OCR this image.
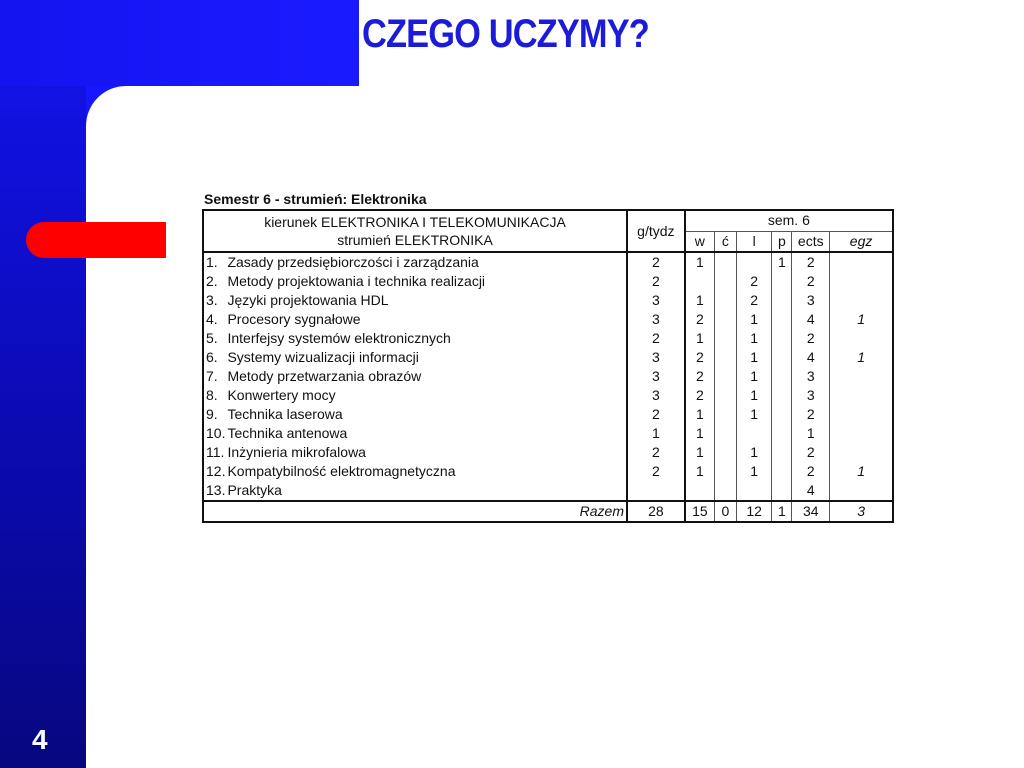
CZEGO UCZYMY?
4
Semestr 6 - strumień: Elektronika
kierunek ELEKTRONIKA I TELEKOMUNIKACJA
strumień ELEKTRONIKA		g/tydz	sem. 6					
			w	ć	l	p	ects	egz
1.	Zasady przedsiębiorczości i zarządzania	2	1			1	2	
2.	Metody projektowania i technika realizacji	2			2		2	
3.	Języki projektowania HDL	3	1		2		3	
4.	Procesory sygnałowe	3	2		1		4	1
5.	Interfejsy systemów elektronicznych	2	1		1		2	
6.	Systemy wizualizacji informacji	3	2		1		4	1
7.	Metody przetwarzania obrazów	3	2		1		3	
8.	Konwertery mocy	3	2		1		3	
9.	Technika laserowa	2	1		1		2	
10.	Technika antenowa	1	1				1	
11.	Inżynieria mikrofalowa	2	1		1		2	
12.	Kompatybilność elektromagnetyczna	2	1		1		2	1
13.	Praktyka						4	
Razem		28	15	0	12	1	34	3
